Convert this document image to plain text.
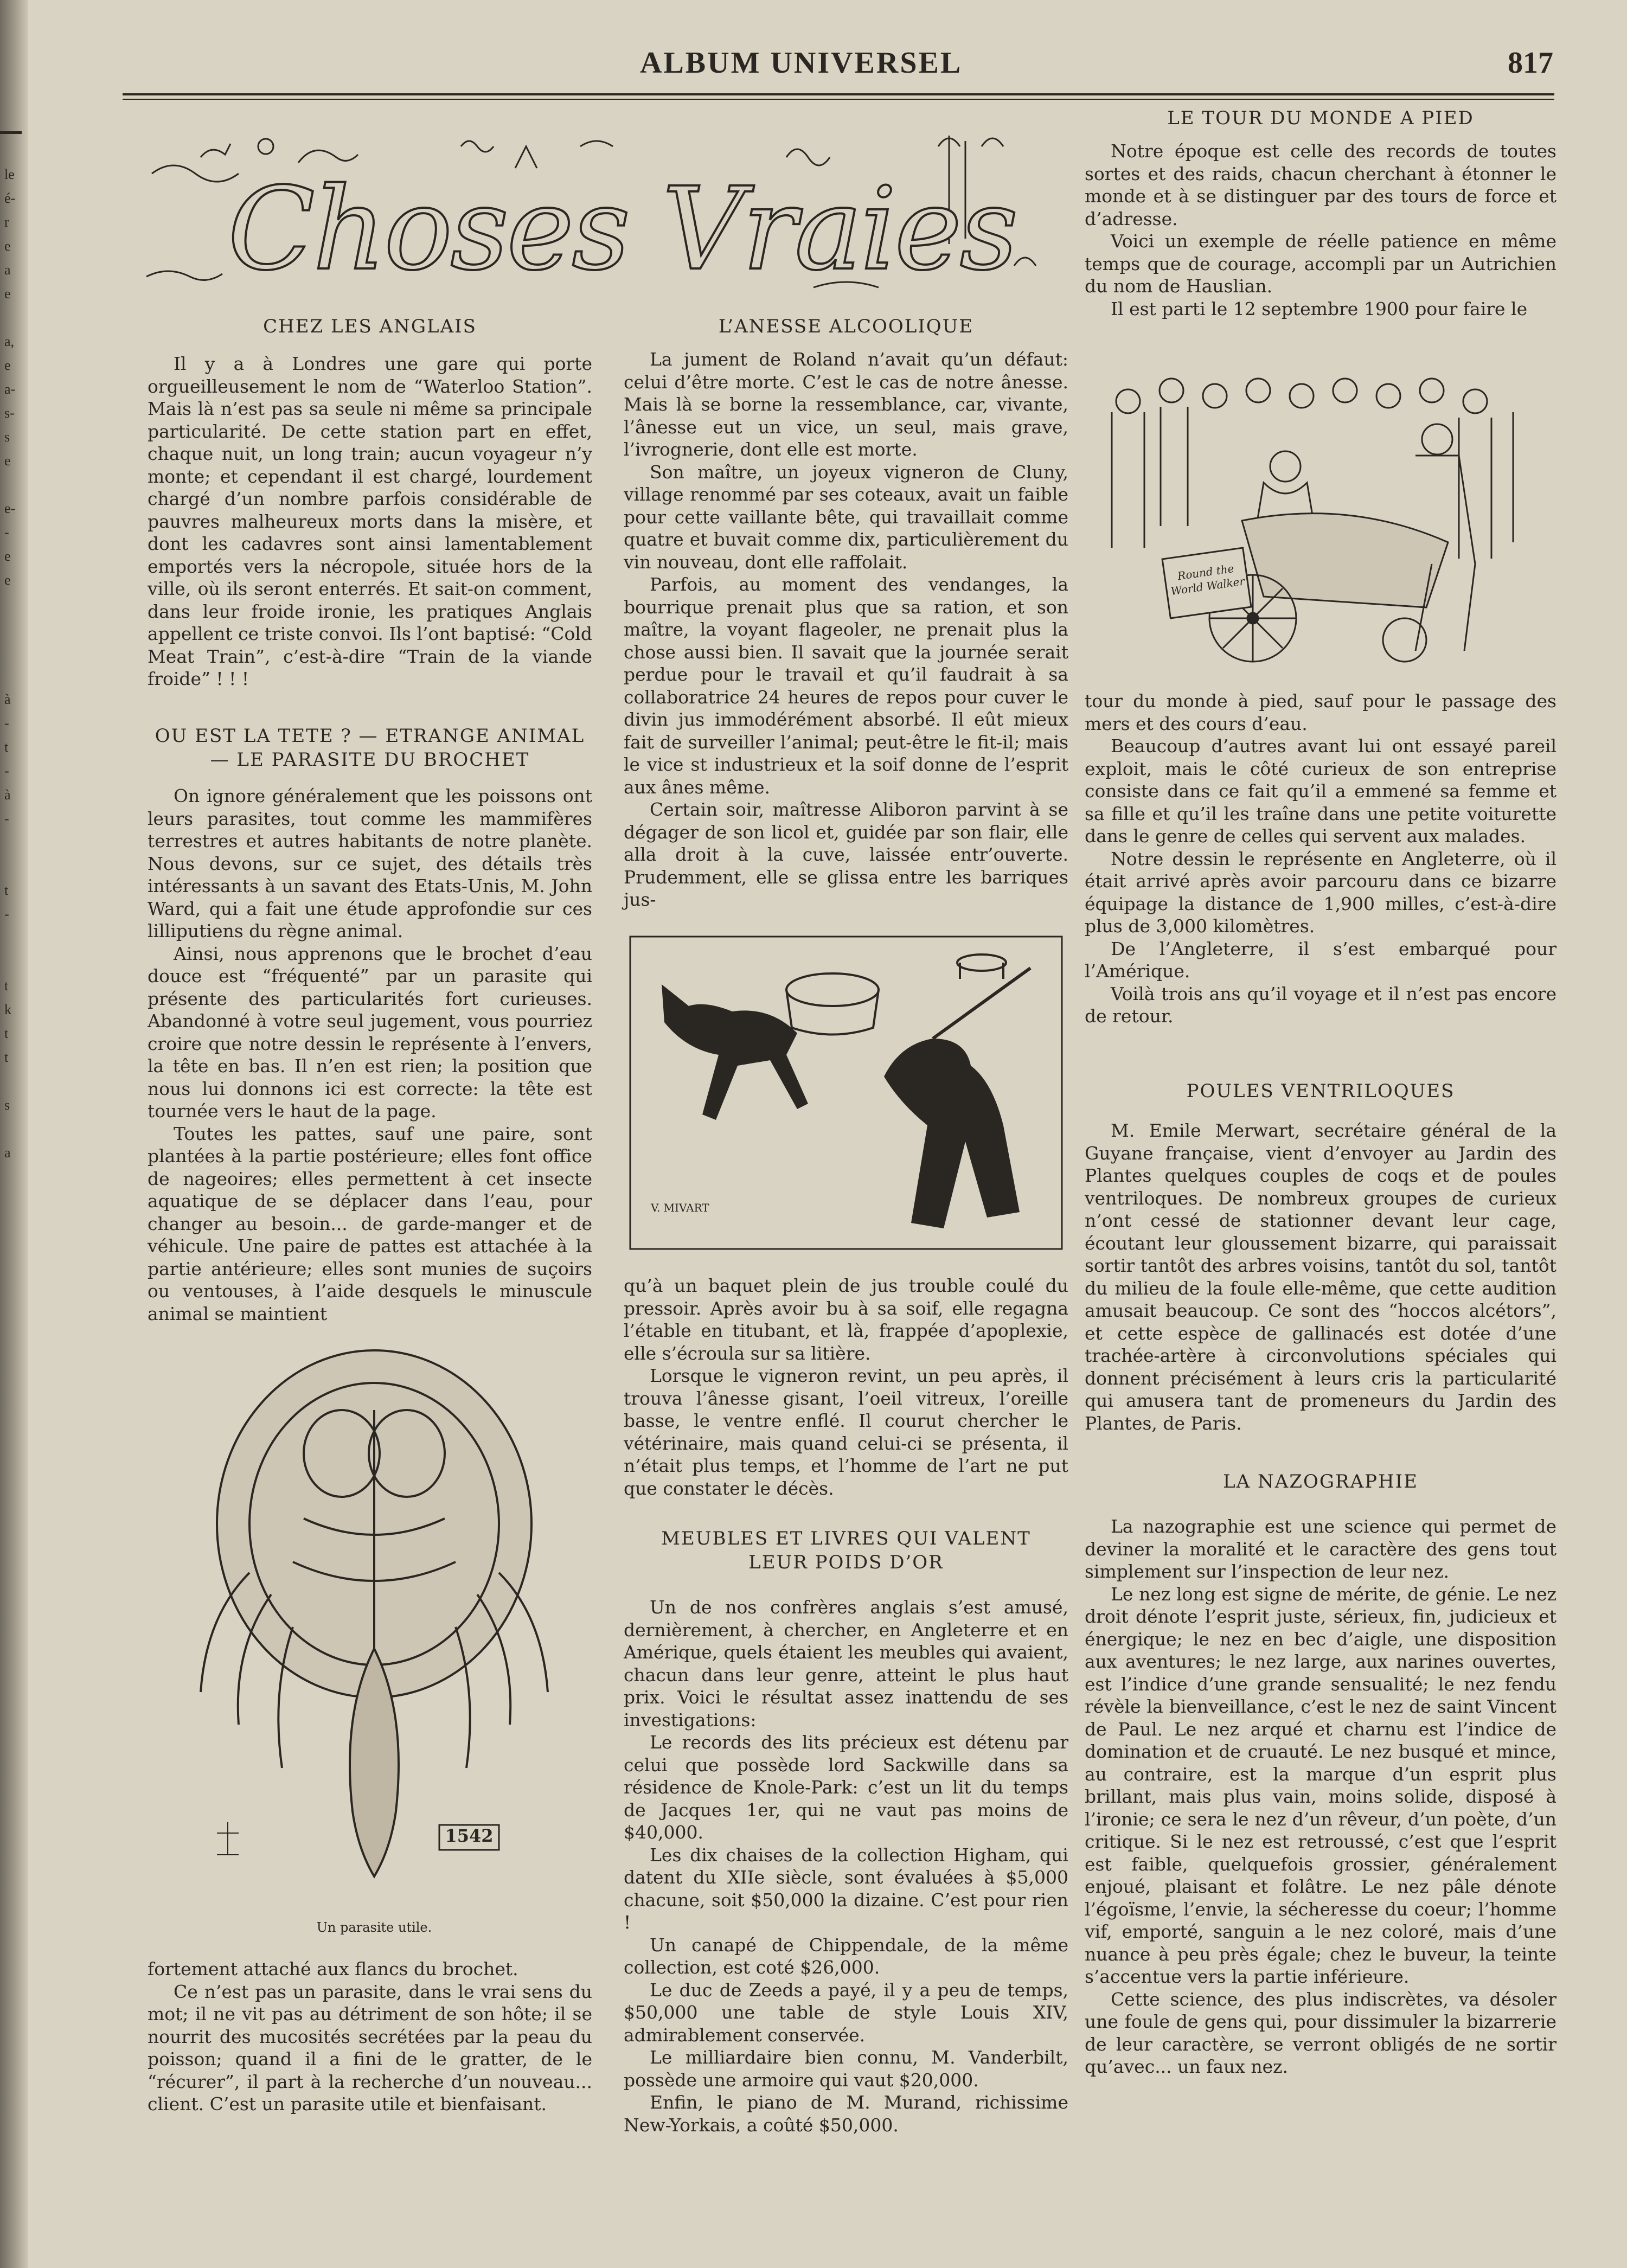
le
é-
r
e
a
e

a,
e
a-
s-
s
e

e-
-
e
e

à
-
t
-
à
-

t
-

t
k
t
t

s

a
ALBUM UNIVERSEL	817
Choses Vraies
CHEZ LES ANGLAIS

Il y a à Londres une gare qui porte orgueilleusement le nom de “Waterloo Station”. Mais là n’est pas sa seule ni même sa principale particularité. De cette station part en effet, chaque nuit, un long train; aucun voyageur n’y monte; et cependant il est chargé, lourdement chargé d’un nombre parfois considérable de pauvres malheureux morts dans la misère, et dont les cadavres sont ainsi lamentablement emportés vers la nécropole, située hors de la ville, où ils seront enterrés. Et sait-on comment, dans leur froide ironie, les pratiques Anglais appellent ce triste convoi. Ils l’ont baptisé: “Cold Meat Train”, c’est-à-dire “Train de la viande froide” ! ! !

OU EST LA TETE ? — ETRANGE ANIMAL
— LE PARASITE DU BROCHET

On ignore généralement que les poissons ont leurs parasites, tout comme les mammifères terrestres et autres habitants de notre planète. Nous devons, sur ce sujet, des détails très intéressants à un savant des Etats-Unis, M. John Ward, qui a fait une étude approfondie sur ces lilliputiens du règne animal.

Ainsi, nous apprenons que le brochet d’eau douce est “fréquenté” par un parasite qui présente des particularités fort curieuses. Abandonné à votre seul jugement, vous pourriez croire que notre dessin le représente à l’envers, la tête en bas. Il n’en est rien; la position que nous lui donnons ici est correcte: la tête est tournée vers le haut de la page.

Toutes les pattes, sauf une paire, sont plantées à la partie postérieure; elles font office de nageoires; elles permettent à cet insecte aquatique de se déplacer dans l’eau, pour changer au besoin... de garde-manger et de véhicule. Une paire de pattes est attachée à la partie antérieure; elles sont munies de suçoirs ou ventouses, à l’aide desquels le minuscule animal se maintient

1542
Un parasite utile.

fortement attaché aux flancs du brochet.

Ce n’est pas un parasite, dans le vrai sens du mot; il ne vit pas au détriment de son hôte; il se nourrit des mucosités secrétées par la peau du poisson; quand il a fini de le gratter, de le “récurer”, il part à la recherche d’un nouveau... client. C’est un parasite utile et bienfaisant.

L’ANESSE ALCOOLIQUE

La jument de Roland n’avait qu’un défaut: celui d’être morte. C’est le cas de notre ânesse. Mais là se borne la ressemblance, car, vivante, l’ânesse eut un vice, un seul, mais grave, l’ivrognerie, dont elle est morte.

Son maître, un joyeux vigneron de Cluny, village renommé par ses coteaux, avait un faible pour cette vaillante bête, qui travaillait comme quatre et buvait comme dix, particulièrement du vin nouveau, dont elle raffolait.

Parfois, au moment des vendanges, la bourrique prenait plus que sa ration, et son maître, la voyant flageoler, ne prenait plus la chose aussi bien. Il savait que la journée serait perdue pour le travail et qu’il faudrait à sa collaboratrice 24 heures de repos pour cuver le divin jus immodérément absorbé. Il eût mieux fait de surveiller l’animal; peut-être le fit-il; mais le vice st industrieux et la soif donne de l’esprit aux ânes même.

Certain soir, maîtresse Aliboron parvint à se dégager de son licol et, guidée par son flair, elle alla droit à la cuve, laissée entr’ouverte. Prudemment, elle se glissa entre les barriques jus-

V. MIVART

qu’à un baquet plein de jus trouble coulé du pressoir. Après avoir bu à sa soif, elle regagna l’étable en titubant, et là, frappée d’apoplexie, elle s’écroula sur sa litière.

Lorsque le vigneron revint, un peu après, il trouva l’ânesse gisant, l’oeil vitreux, l’oreille basse, le ventre enflé. Il courut chercher le vétérinaire, mais quand celui-ci se présenta, il n’était plus temps, et l’homme de l’art ne put que constater le décès.

MEUBLES ET LIVRES QUI VALENT
LEUR POIDS D’OR

Un de nos confrères anglais s’est amusé, dernièrement, à chercher, en Angleterre et en Amérique, quels étaient les meubles qui avaient, chacun dans leur genre, atteint le plus haut prix. Voici le résultat assez inattendu de ses investigations:

Le records des lits précieux est détenu par celui que possède lord Sackwille dans sa résidence de Knole-Park: c’est un lit du temps de Jacques 1er, qui ne vaut pas moins de $40,000.

Les dix chaises de la collection Higham, qui datent du XIIe siècle, sont évaluées à $5,000 chacune, soit $50,000 la dizaine. C’est pour rien !

Un canapé de Chippendale, de la même collection, est coté $26,000.

Le duc de Zeeds a payé, il y a peu de temps, $50,000 une table de style Louis XIV, admirablement conservée.

Le milliardaire bien connu, M. Vanderbilt, possède une armoire qui vaut $20,000.

Enfin, le piano de M. Murand, richissime New-Yorkais, a coûté $50,000.

LE TOUR DU MONDE A PIED

Notre époque est celle des records de toutes sortes et des raids, chacun cherchant à étonner le monde et à se distinguer par des tours de force et d’adresse.

Voici un exemple de réelle patience en même temps que de courage, accompli par un Autrichien du nom de Hauslian.

Il est parti le 12 septembre 1900 pour faire le

Round the World Walker

tour du monde à pied, sauf pour le passage des mers et des cours d’eau.

Beaucoup d’autres avant lui ont essayé pareil exploit, mais le côté curieux de son entreprise consiste dans ce fait qu’il a emmené sa femme et sa fille et qu’il les traîne dans une petite voiturette dans le genre de celles qui servent aux malades.

Notre dessin le représente en Angleterre, où il était arrivé après avoir parcouru dans ce bizarre équipage la distance de 1,900 milles, c’est-à-dire plus de 3,000 kilomètres.

De l’Angleterre, il s’est embarqué pour l’Amérique.

Voilà trois ans qu’il voyage et il n’est pas encore de retour.

POULES VENTRILOQUES

M. Emile Merwart, secrétaire général de la Guyane française, vient d’envoyer au Jardin des Plantes quelques couples de coqs et de poules ventriloques. De nombreux groupes de curieux n’ont cessé de stationner devant leur cage, écoutant leur gloussement bizarre, qui paraissait sortir tantôt des arbres voisins, tantôt du sol, tantôt du milieu de la foule elle-même, que cette audition amusait beaucoup. Ce sont des “hoccos alcétors”, et cette espèce de gallinacés est dotée d’une trachée-artère à circonvolutions spéciales qui donnent précisément à leurs cris la particularité qui amusera tant de promeneurs du Jardin des Plantes, de Paris.

LA NAZOGRAPHIE

La nazographie est une science qui permet de deviner la moralité et le caractère des gens tout simplement sur l’inspection de leur nez.

Le nez long est signe de mérite, de génie. Le nez droit dénote l’esprit juste, sérieux, fin, judicieux et énergique; le nez en bec d’aigle, une disposition aux aventures; le nez large, aux narines ouvertes, est l’indice d’une grande sensualité; le nez fendu révèle la bienveillance, c’est le nez de saint Vincent de Paul. Le nez arqué et charnu est l’indice de domination et de cruauté. Le nez busqué et mince, au contraire, est la marque d’un esprit plus brillant, mais plus vain, moins solide, disposé à l’ironie; ce sera le nez d’un rêveur, d’un poète, d’un critique. Si le nez est retroussé, c’est que l’esprit est faible, quelquefois grossier, généralement enjoué, plaisant et folâtre. Le nez pâle dénote l’égoïsme, l’envie, la sécheresse du coeur; l’homme vif, emporté, sanguin a le nez coloré, mais d’une nuance à peu près égale; chez le buveur, la teinte s’accentue vers la partie inférieure.

Cette science, des plus indiscrètes, va désoler une foule de gens qui, pour dissimuler la bizarrerie de leur caractère, se verront obligés de ne sortir qu’avec... un faux nez.
